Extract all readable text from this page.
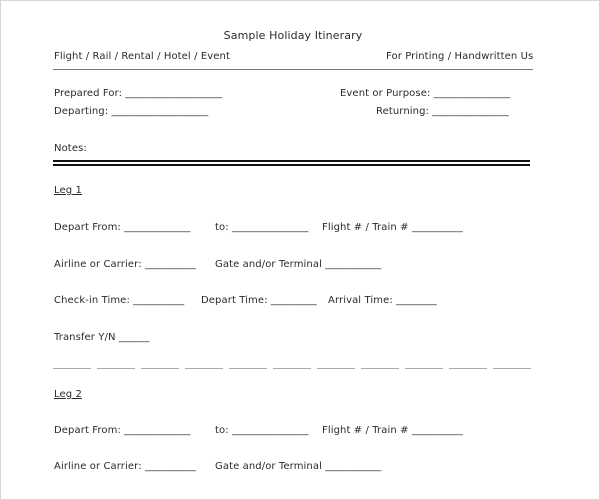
Sample Holiday Itinerary
Flight / Rail / Rental / Hotel / Event	For Printing / Handwritten Us
Prepared For: ___________________	Event or Purpose: _______________
Departing: ___________________	Returning: _______________
Notes:
Leg 1
Depart From: _____________ to: _______________ Flight # / Train # __________
Airline or Carrier: __________ Gate and/or Terminal ___________
Check-in Time: __________ Depart Time: _________ Arrival Time: ________
Transfer Y/N ______
Leg 2
Depart From: _____________ to: _______________ Flight # / Train # __________
Airline or Carrier: __________ Gate and/or Terminal ___________
